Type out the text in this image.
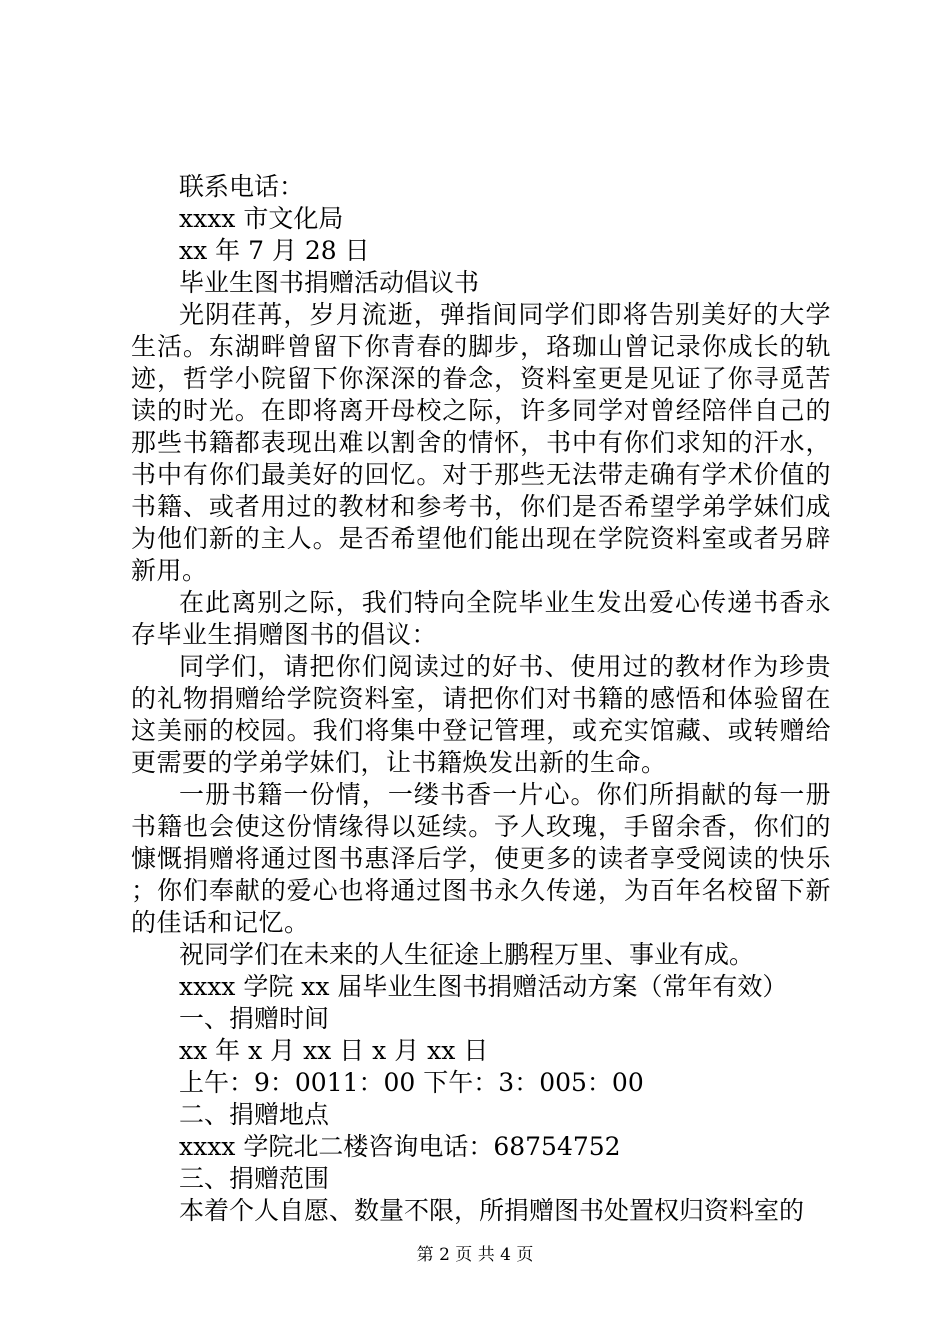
联系电话：
xxxx 市文化局
xx 年 7 月 28 日
毕业生图书捐赠活动倡议书
光阴荏苒，岁月流逝，弹指间同学们即将告别美好的大学生活。东湖畔曾留下你青春的脚步，珞珈山曾记录你成长的轨迹，哲学小院留下你深深的眷念，资料室更是见证了你寻觅苦读的时光。在即将离开母校之际，许多同学对曾经陪伴自己的那些书籍都表现出难以割舍的情怀，书中有你们求知的汗水，书中有你们最美好的回忆。对于那些无法带走确有学术价值的书籍、或者用过的教材和参考书，你们是否希望学弟学妹们成为他们新的主人。是否希望他们能出现在学院资料室或者另辟新用。
在此离别之际，我们特向全院毕业生发出爱心传递书香永存毕业生捐赠图书的倡议：
同学们，请把你们阅读过的好书、使用过的教材作为珍贵的礼物捐赠给学院资料室，请把你们对书籍的感悟和体验留在这美丽的校园。我们将集中登记管理，或充实馆藏、或转赠给更需要的学弟学妹们，让书籍焕发出新的生命。
一册书籍一份情，一缕书香一片心。你们所捐献的每一册书籍也会使这份情缘得以延续。予人玫瑰，手留余香，你们的慷慨捐赠将通过图书惠泽后学，使更多的读者享受阅读的快乐；你们奉献的爱心也将通过图书永久传递，为百年名校留下新的佳话和记忆。
祝同学们在未来的人生征途上鹏程万里、事业有成。
xxxx 学院 xx 届毕业生图书捐赠活动方案（常年有效）
一、捐赠时间
xx 年 x 月 xx 日 x 月 xx 日
上午：9：0011：00 下午：3：005：00
二、捐赠地点
xxxx 学院北二楼咨询电话：68754752
三、捐赠范围
本着个人自愿、数量不限，所捐赠图书处置权归资料室的
第 2 页 共 4 页
